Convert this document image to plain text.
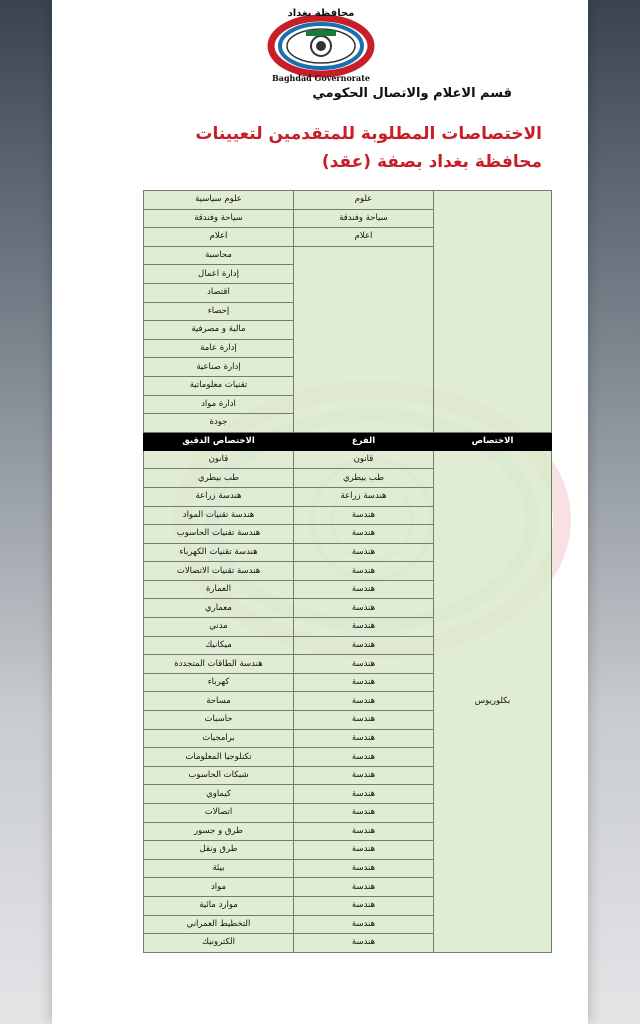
محافظة بغداد
Baghdad Governorate
قسم الاعلام والاتصال الحكومي
الاختصاصات المطلوبة للمتقدمين لتعيينات
محافظة بغداد بصفة (عقد)
	علوم	علوم سياسية
	سياحة وفندقة	سياحة وفندقة
	اعلام	اعلام
		محاسبة
		إدارة اعمال
		اقتصاد
		إحصاء
		مالية و مصرفية
		إدارة عامة
		إدارة صناعية
		تقنيات معلوماتية
		ادارة مواد
		جودة
الاختصاص	الفرع	الاختصاص الدقيق
بكلوريوس	قانون	قانون
	طب بيطري	طب بيطري
	هندسة زراعة	هندسة زراعة
	هندسة	هندسة تقنيات المواد
	هندسة	هندسة تقنيات الحاسوب
	هندسة	هندسة تقنيات الكهرباء
	هندسة	هندسة تقنيات الاتصالات
	هندسة	العمارة
	هندسة	معماري
	هندسة	مدني
	هندسة	ميكانيك
	هندسة	هندسة الطاقات المتجددة
	هندسة	كهرباء
	هندسة	مساحة
	هندسة	حاسبات
	هندسة	برامجيات
	هندسة	تكنلوجيا المعلومات
	هندسة	شبكات الحاسوب
	هندسة	كيماوي
	هندسة	اتصالات
	هندسة	طرق و جسور
	هندسة	طرق ونقل
	هندسة	بيئة
	هندسة	مواد
	هندسة	موارد مائية
	هندسة	التخطيط العمراني
	هندسة	الكترونيك
